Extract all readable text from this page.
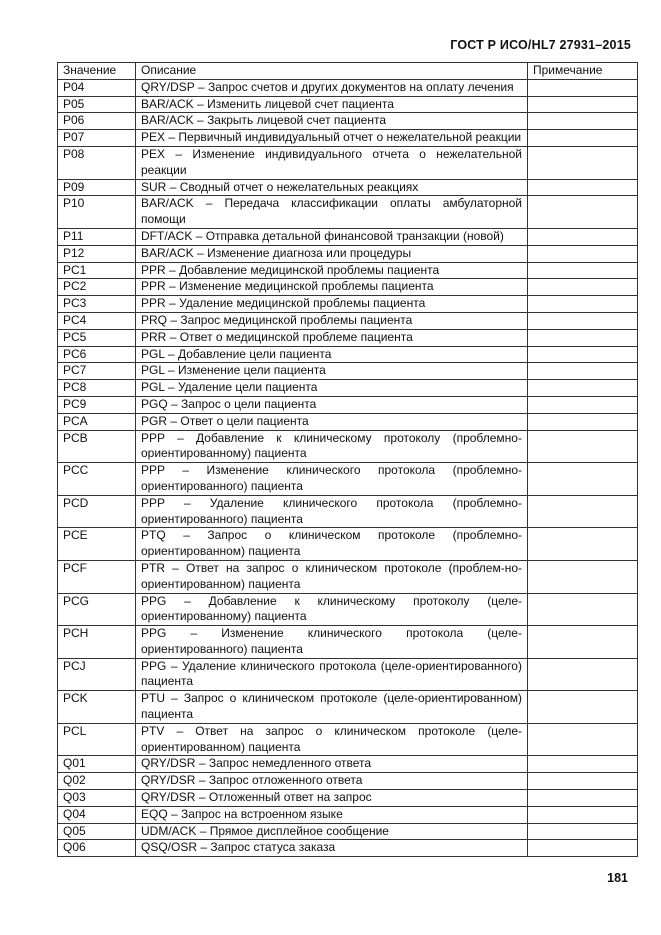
ГОСТ Р ИСО/HL7 27931–2015
Значение	Описание	Примечание
P04	QRY/DSP – Запрос счетов и других документов на оплату лечения	
P05	BAR/ACK – Изменить лицевой счет пациента	
P06	BAR/ACK – Закрыть лицевой счет пациента	
P07	PEX – Первичный индивидуальный отчет о нежелательной реакции	
P08	PEX – Изменение индивидуального отчета о нежелательной реакции	
P09	SUR – Сводный отчет о нежелательных реакциях	
P10	BAR/ACK – Передача классификации оплаты амбулаторной помощи	
P11	DFT/ACK – Отправка детальной финансовой транзакции (новой)	
P12	BAR/ACK – Изменение диагноза или процедуры	
PC1	PPR – Добавление медицинской проблемы пациента	
PC2	PPR – Изменение медицинской проблемы пациента	
PC3	PPR – Удаление медицинской проблемы пациента	
PC4	PRQ – Запрос медицинской проблемы пациента	
PC5	PRR – Ответ о медицинской проблеме пациента	
PC6	PGL – Добавление цели пациента	
PC7	PGL – Изменение цели пациента	
PC8	PGL – Удаление цели пациента	
PC9	PGQ – Запрос о цели пациента	
PCA	PGR – Ответ о цели пациента	
PCB	PPP – Добавление к клиническому протоколу (проблемно-ориентированному) пациента	
PCC	PPP – Изменение клинического протокола (проблемно-ориентированного) пациента	
PCD	PPP – Удаление клинического протокола (проблемно-ориентированного) пациента	
PCE	PTQ – Запрос о клиническом протоколе (проблемно-ориентированном) пациента	
PCF	PTR – Ответ на запрос о клиническом протоколе (проблем-но-ориентированном) пациента	
PCG	PPG – Добавление к клиническому протоколу (целе-ориентированному) пациента	
PCH	PPG – Изменение клинического протокола (целе-ориентированного) пациента	
PCJ	PPG – Удаление клинического протокола (целе-ориентированного) пациента	
PCK	PTU – Запрос о клиническом протоколе (целе-ориентированном) пациента	
PCL	PTV – Ответ на запрос о клиническом протоколе (целе-ориентированном) пациента	
Q01	QRY/DSR – Запрос немедленного ответа	
Q02	QRY/DSR – Запрос отложенного ответа	
Q03	QRY/DSR – Отложенный ответ на запрос	
Q04	EQQ – Запрос на встроенном языке	
Q05	UDM/ACK – Прямое дисплейное сообщение	
Q06	QSQ/OSR – Запрос статуса заказа	
181
